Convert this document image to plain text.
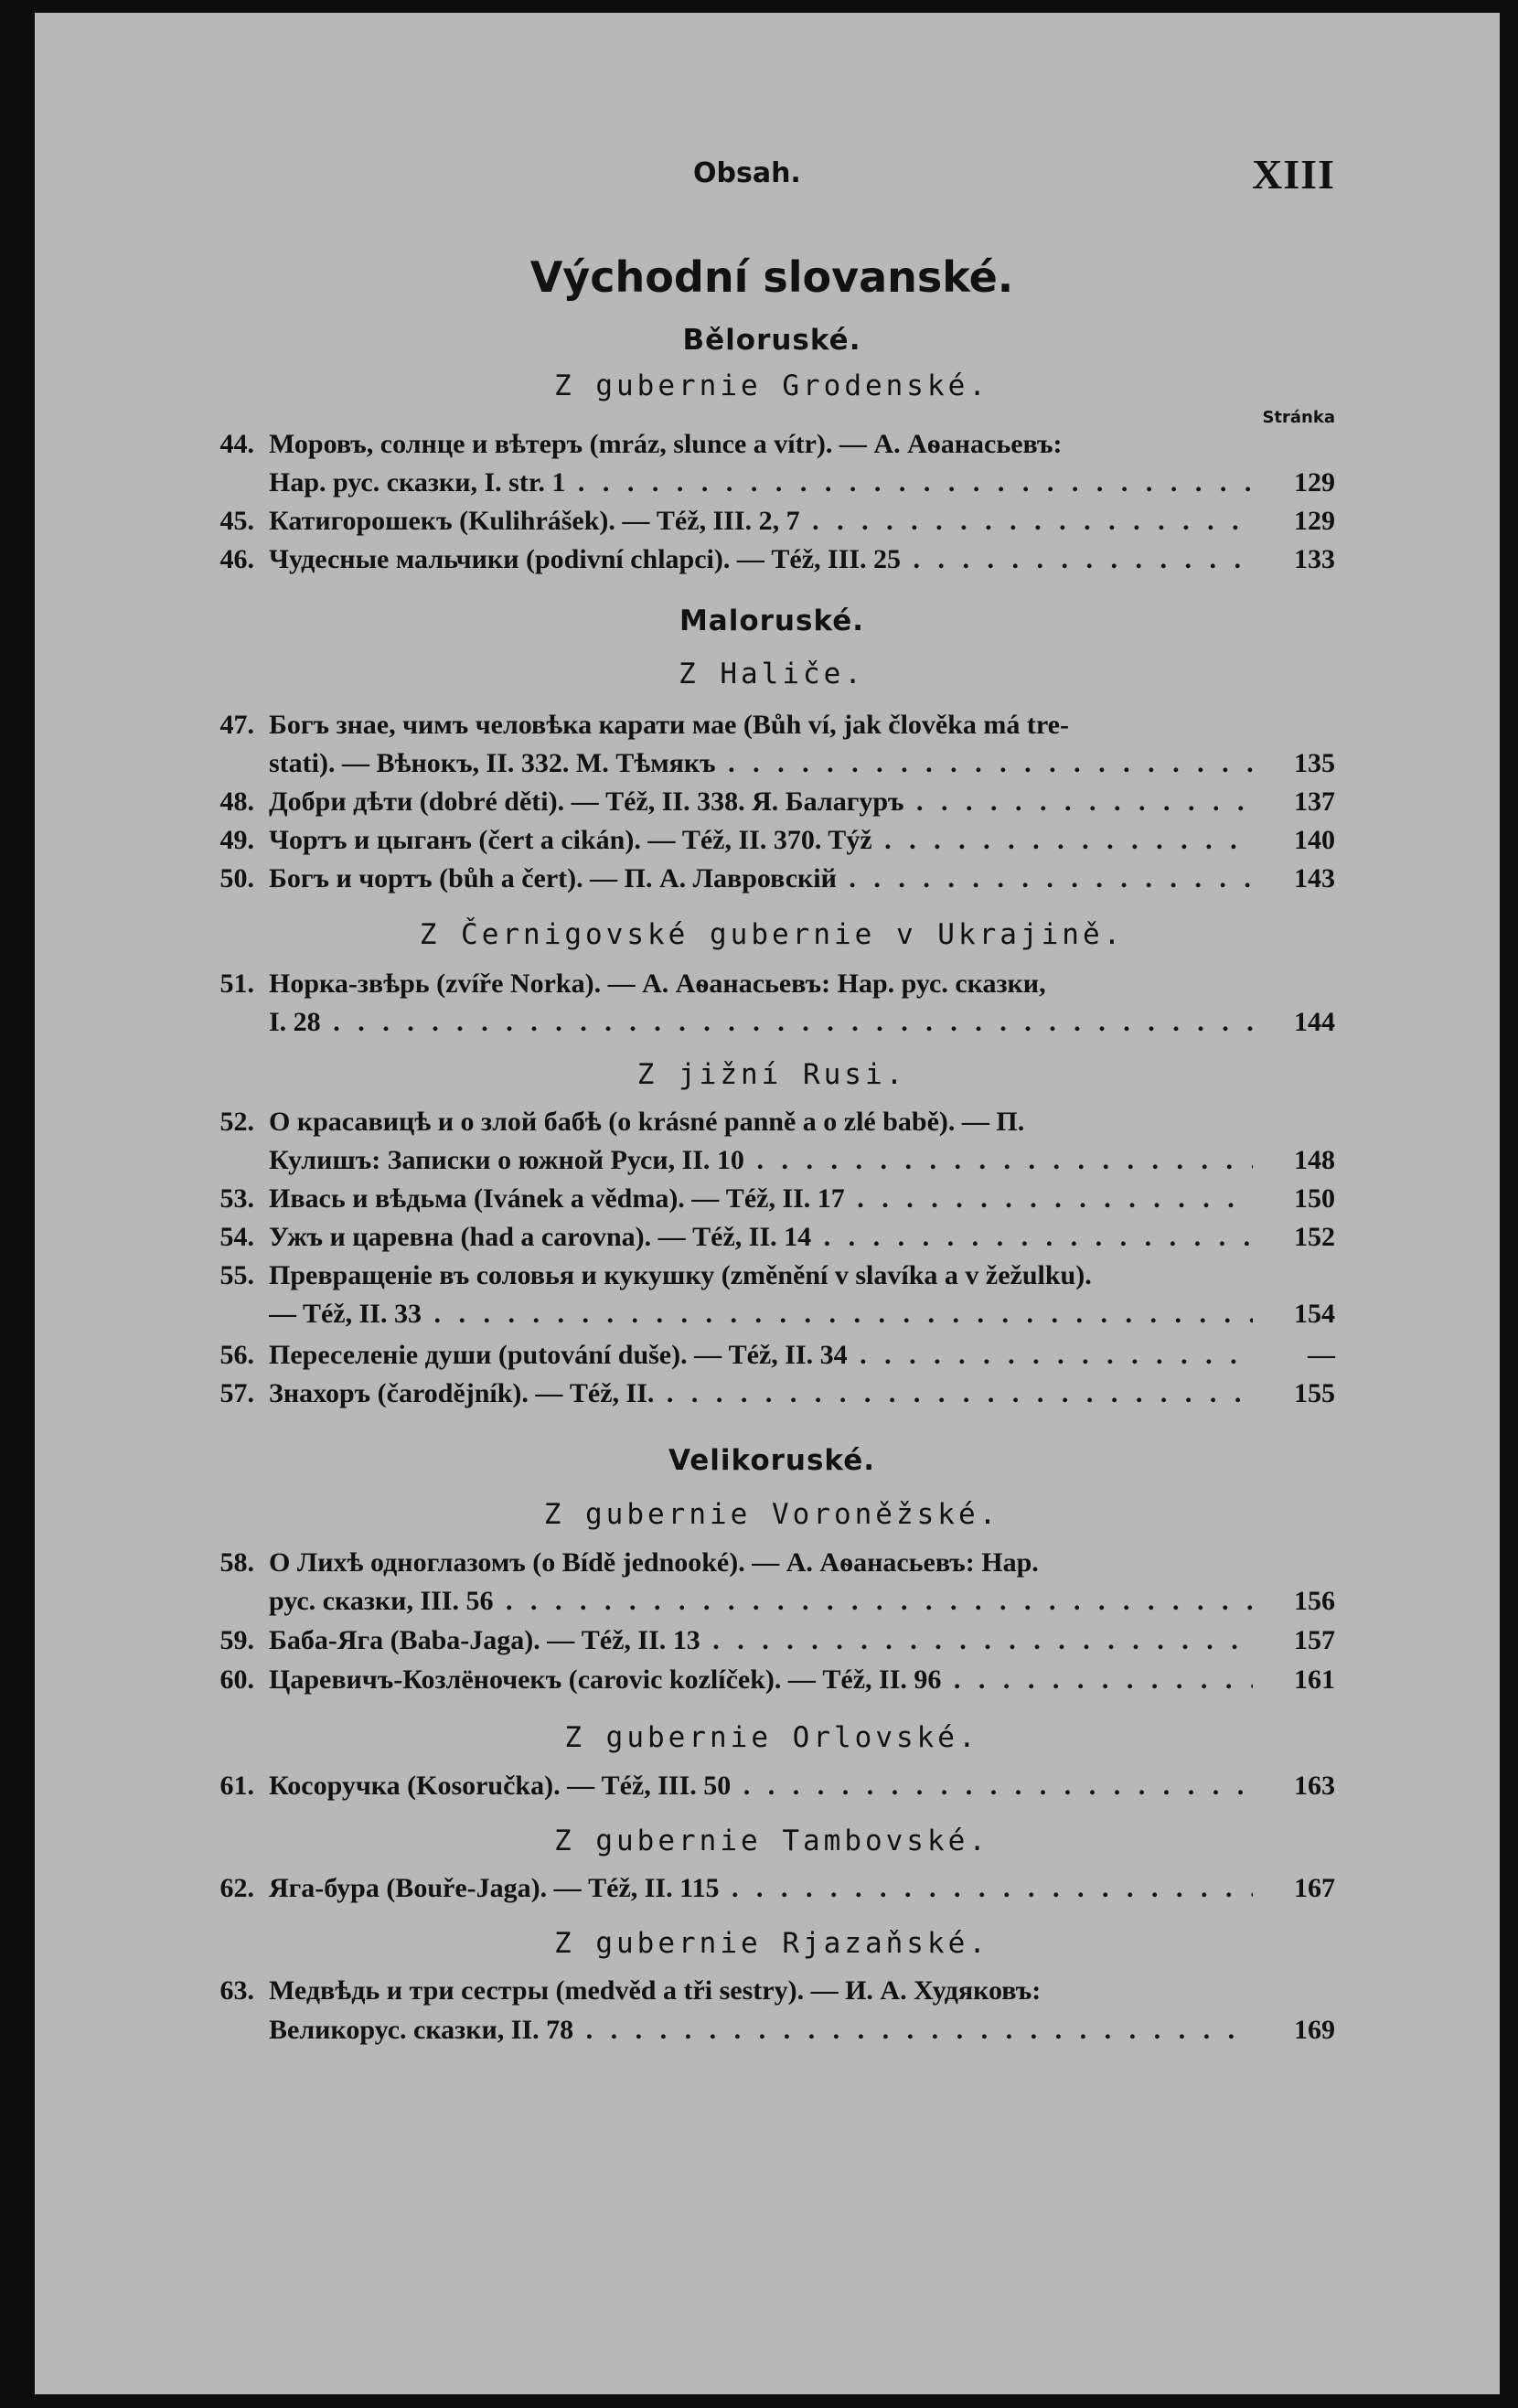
Obsah.	XIII
Východní slovanské.
Běloruské.
Z gubernie Grodenské.
Stránka
44. Моровъ, солнце и вѣтеръ (mráz, slunce a vítr). — А. Аѳанасьевъ:
Нар. рус. сказки, I. str. 1 . . .	129
45. Катигорошекъ (Kulihrášek). — Též, III. 2, 7 . . .	129
46. Чудесные мальчики (podivní chlapci). — Též, III. 25 . . .	133
Maloruské.
Z Haliče.
47. Богъ знае, чимъ человѣка карати мае (Bůh ví, jak člověka má tre-
stati). — Вѣнокъ, II. 332. М. Тѣмякъ . . .	135
48. Добри дѣти (dobré děti). — Též, II. 338. Я. Балагуръ . . .	137
49. Чортъ и цыганъ (čert a cikán). — Též, II. 370. Týž . . .	140
50. Богъ и чортъ (bůh a čert). — П. А. Лавровскій . . .	143
Z Černigovské gubernie v Ukrajině.
51. Норка-звѣрь (zvíře Norka). — А. Аѳанасьевъ: Нар. рус. сказки,
I. 28 . . .	144
Z jižní Rusi.
52. О красавицѣ и о злой бабѣ (o krásné panně a o zlé babě). — П.
Кулишъ: Записки о южной Руси, II. 10 . . .	148
53. Ивась и вѣдьма (Ivánek a vědma). — Též, II. 17 . . .	150
54. Ужъ и царевна (had a carovna). — Též, II. 14 . . .	152
55. Превращеніе въ соловья и кукушку (změnění v slavíka a v žežulku).
— Též, II. 33 . . .	154
56. Переселеніе души (putování duše). — Též, II. 34 . . .	—
57. Знахоръ (čarodějník). — Též, II. . . .	155
Velikoruské.
Z gubernie Voroněžské.
58. О Лихѣ одноглазомъ (o Bídě jednooké). — А. Аѳанасьевъ: Нар.
рус. сказки, III. 56 . . .	156
59. Баба-Яга (Baba-Jaga). — Též, II. 13 . . .	157
60. Царевичъ-Козлёночекъ (carovic kozlíček). — Též, II. 96 . . .	161
Z gubernie Orlovské.
61. Косоручка (Kosoručka). — Též, III. 50 . . .	163
Z gubernie Tambovské.
62. Яга-бура (Bouře-Jaga). — Též, II. 115 . . .	167
Z gubernie Rjazaňské.
63. Медвѣдь и три сестры (medvěd a tři sestry). — И. А. Худяковъ:
Великорус. сказки, II. 78 . . .	169
